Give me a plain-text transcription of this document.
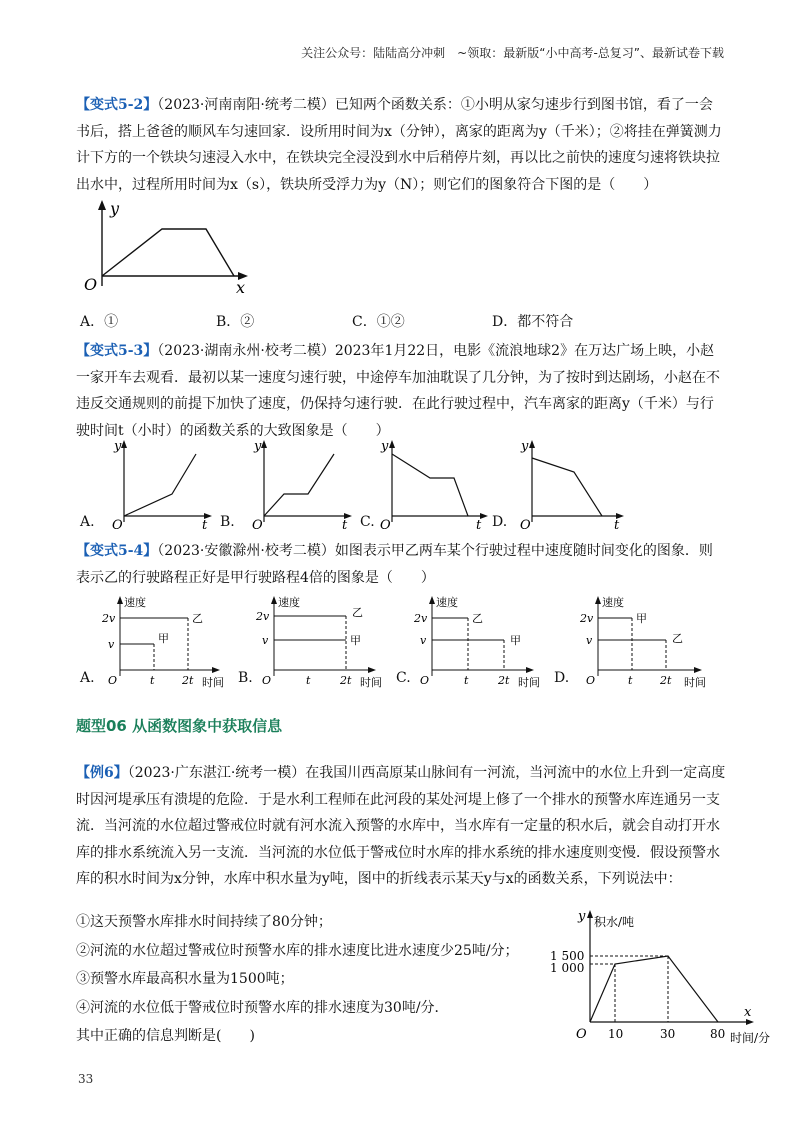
关注公众号：陆陆高分冲刺　~领取：最新版“小中高考-总复习”、最新试卷下载
【变式5-2】（2023·河南南阳·统考二模）已知两个函数关系：①小明从家匀速步行到图书馆，看了一会书后，搭上爸爸的顺风车匀速回家．设所用时间为x（分钟），离家的距离为y（千米）；②将挂在弹簧测力计下方的一个铁块匀速浸入水中，在铁块完全浸没到水中后稍停片刻，再以比之前快的速度匀速将铁块拉出水中，过程所用时间为x（s），铁块所受浮力为y（N）；则它们的图象符合下图的是（　　）
y
O	x
A．①	B．②	C．①②	D．都不符合
【变式5-3】（2023·湖南永州·校考二模）2023年1月22日，电影《流浪地球2》在万达广场上映，小赵一家开车去观看．最初以某一速度匀速行驶，中途停车加油耽误了几分钟，为了按时到达剧场，小赵在不违反交通规则的前提下加快了速度，仍保持匀速行驶．在此行驶过程中，汽车离家的距离y（千米）与行驶时间t（小时）的函数关系的大致图象是（　　）
A.
y
O	t B.
y
O	t C.
y
O	t D.
y
O	t
【变式5-4】（2023·安徽滁州·校考二模）如图表示甲乙两车某个行驶过程中速度随时间变化的图象．则表示乙的行驶路程正好是甲行驶路程4倍的图象是（　　）
A.
速度
2v
v
乙
甲
O	t	2t 时间 B.
速度
2v
v
乙
甲
O	t	2t 时间 C.
速度
2v
v
乙
甲
O	t	2t 时间 D.
速度
2v
v
甲
乙
O	t	2t 时间
题型06 从函数图象中获取信息
【例6】（2023·广东湛江·统考一模）在我国川西高原某山脉间有一河流，当河流中的水位上升到一定高度时因河堤承压有溃堤的危险．于是水利工程师在此河段的某处河堤上修了一个排水的预警水库连通另一支流．当河流的水位超过警戒位时就有河水流入预警的水库中，当水库有一定量的积水后，就会自动打开水库的排水系统流入另一支流．当河流的水位低于警戒位时水库的排水系统的排水速度则变慢．假设预警水库的积水时间为x分钟，水库中积水量为y吨，图中的折线表示某天y与x的函数关系，下列说法中：
①这天预警水库排水时间持续了80分钟；
②河流的水位超过警戒位时预警水库的排水速度比进水速度少25吨/分；
③预警水库最高积水量为1500吨；
④河流的水位低于警戒位时预警水库的排水速度为30吨/分．
其中正确的信息判断是(　　)
y 积水/吨
1 500
1 000
O 10	30	80
x
时间/分
33
